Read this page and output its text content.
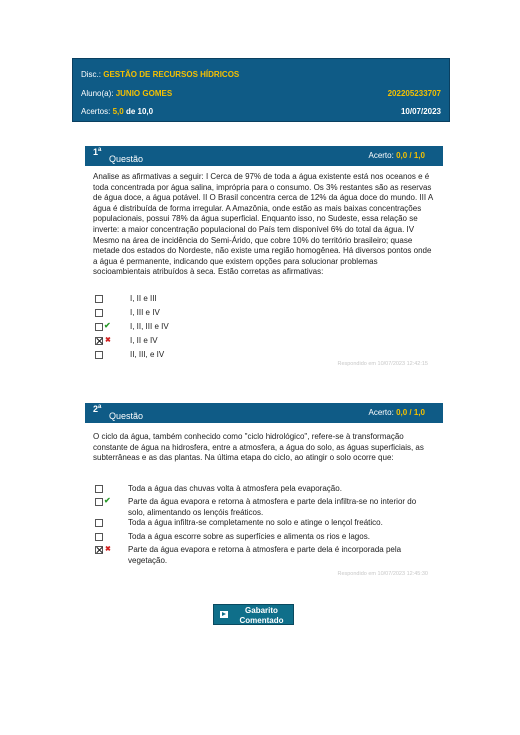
Disc.: GESTÃO DE RECURSOS HÍDRICOS
Aluno(a): JUNIO GOMES	202205233707
Acertos: 5,0 de 10,0	10/07/2023
1$^a$
Questão	Acerto: 0,0 / 1,0
Analise as afirmativas a seguir: I Cerca de 97% de toda a água existente está nos oceanos e é toda concentrada por água salina, imprópria para o consumo. Os 3% restantes são as reservas de água doce, a água potável. II O Brasil concentra cerca de 12% da água doce do mundo. III A água é distribuída de forma irregular. A Amazônia, onde estão as mais baixas concentrações populacionais, possui 78% da água superficial. Enquanto isso, no Sudeste, essa relação se inverte: a maior concentração populacional do País tem disponível 6% do total da água. IV Mesmo na área de incidência do Semi-Árido, que cobre 10% do território brasileiro; quase metade dos estados do Nordeste, não existe uma região homogênea. Há diversos pontos onde a água é permanente, indicando que existem opções para solucionar problemas socioambientais atribuídos à seca. Estão corretas as afirmativas:
I, II e III
I, III e IV
✔ I, II, III e IV
✖ I, II e IV
II, III, e IV
Respondido em 10/07/2023 12:42:15
2$^a$
Questão	Acerto: 0,0 / 1,0
O ciclo da água, também conhecido como "ciclo hidrológico", refere-se à transformação constante de água na hidrosfera, entre a atmosfera, a água do solo, as águas superficiais, as subterrâneas e as das plantas. Na última etapa do ciclo, ao atingir o solo ocorre que:
Toda a água das chuvas volta à atmosfera pela evaporação.
✔ Parte da água evapora e retorna à atmosfera e parte dela infiltra-se no interior do solo, alimentando os lençóis freáticos.
Toda a água infiltra-se completamente no solo e atinge o lençol freático.
Toda a água escorre sobre as superfícies e alimenta os rios e lagos.
✖ Parte da água evapora e retorna à atmosfera e parte dela é incorporada pela vegetação.
Respondido em 10/07/2023 12:45:30
Gabarito Comentado
